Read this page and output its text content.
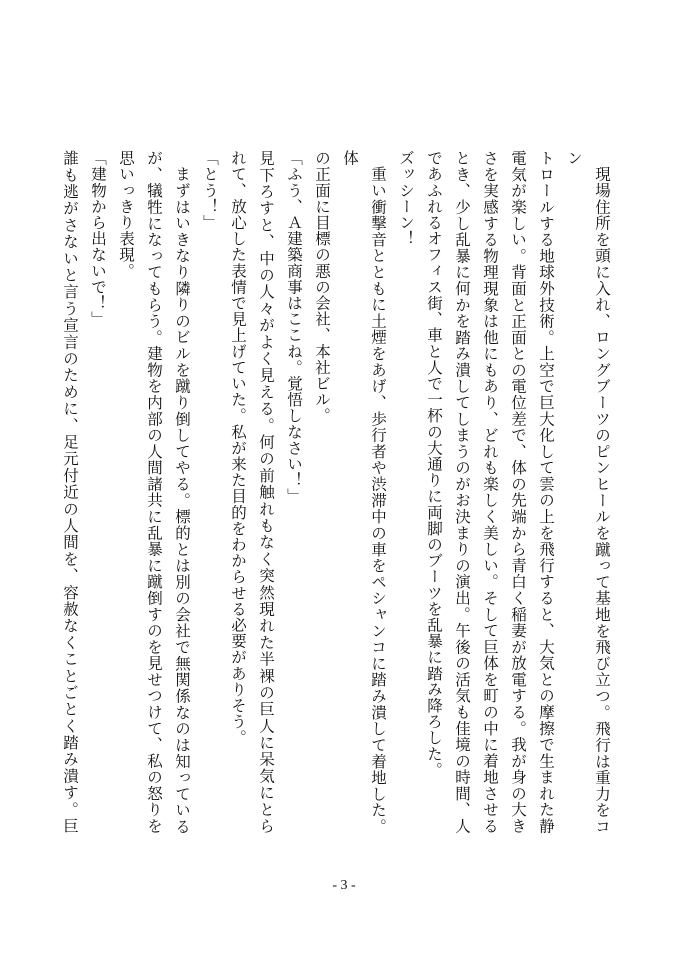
現場住所を頭に入れ、ロングブーツのピンヒールを蹴って基地を飛び立つ。飛行は重力をコン

トロールする地球外技術。上空で巨大化して雲の上を飛行すると、大気との摩擦で生まれた静

電気が楽しい。背面と正面との電位差で、体の先端から青白く稲妻が放電する。我が身の大き

さを実感する物理現象は他にもあり、どれも楽しく美しい。そして巨体を町の中に着地させる

とき、少し乱暴に何かを踏み潰してしまうのがお決まりの演出。午後の活気も佳境の時間、人

であふれるオフィス街、車と人で一杯の大通りに両脚のブーツを乱暴に踏み降ろした。

ズッシーン！

重い衝撃音とともに土煙をあげ、歩行者や渋滞中の車をペシャンコに踏み潰して着地した。体

の正面に目標の悪の会社、本社ビル。

「ふう、Ａ建築商事はここね。覚悟しなさい！」

見下ろすと、中の人々がよく見える。何の前触れもなく突然現れた半裸の巨人に呆気にとら

れて、放心した表情で見上げていた。私が来た目的をわからせる必要がありそう。

「とう！」

まずはいきなり隣りのビルを蹴り倒してやる。標的とは別の会社で無関係なのは知っている

が、犠牲になってもらう。建物を内部の人間諸共に乱暴に蹴倒すのを見せつけて、私の怒りを

思いっきり表現。

「建物から出ないで！」

誰も逃がさないと言う宣言のために、足元付近の人間を、容赦なくことごとく踏み潰す。巨

- 3 -
